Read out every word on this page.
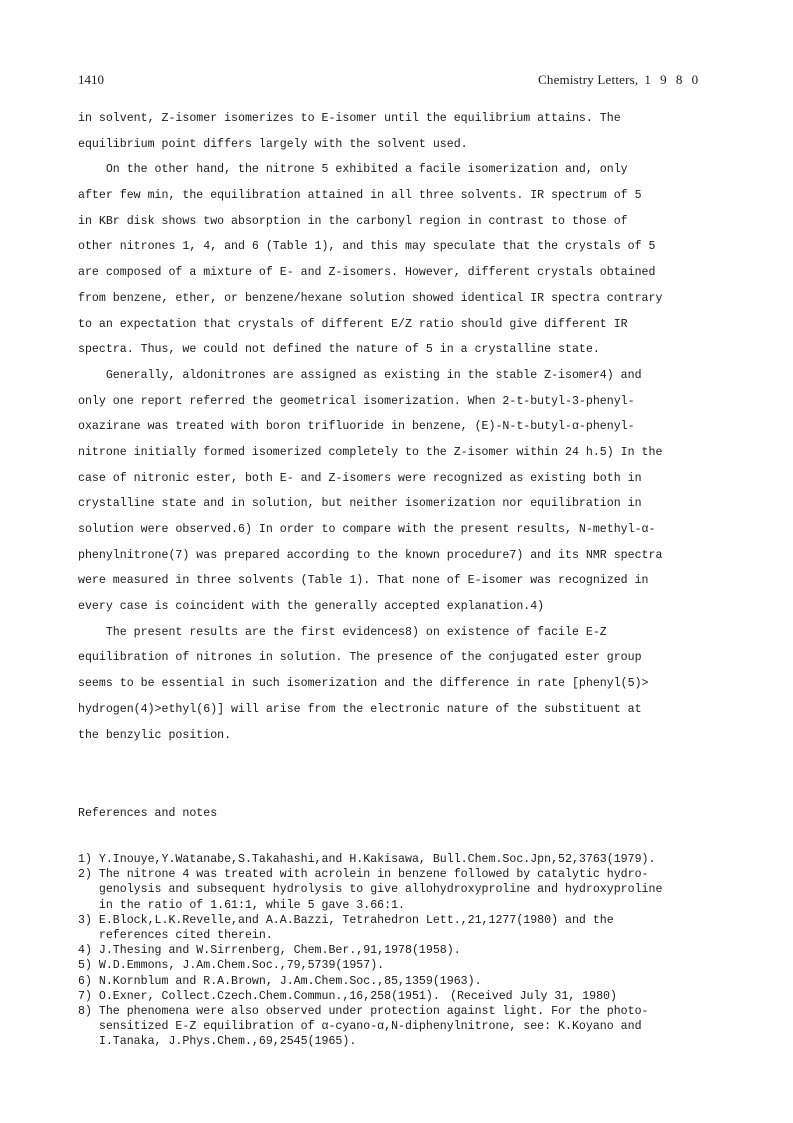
1410	Chemistry Letters, 1 9 8 0
in solvent, Z-isomer isomerizes to E-isomer until the equilibrium attains. The
equilibrium point differs largely with the solvent used.
On the other hand, the nitrone 5 exhibited a facile isomerization and, only
after few min, the equilibration attained in all three solvents. IR spectrum of 5
in KBr disk shows two absorption in the carbonyl region in contrast to those of
other nitrones 1, 4, and 6 (Table 1), and this may speculate that the crystals of 5
are composed of a mixture of E- and Z-isomers. However, different crystals obtained
from benzene, ether, or benzene/hexane solution showed identical IR spectra contrary
to an expectation that crystals of different E/Z ratio should give different IR
spectra. Thus, we could not defined the nature of 5 in a crystalline state.
Generally, aldonitrones are assigned as existing in the stable Z-isomer4) and
only one report referred the geometrical isomerization. When 2-t-butyl-3-phenyl-
oxazirane was treated with boron trifluoride in benzene, (E)-N-t-butyl-α-phenyl-
nitrone initially formed isomerized completely to the Z-isomer within 24 h.5) In the
case of nitronic ester, both E- and Z-isomers were recognized as existing both in
crystalline state and in solution, but neither isomerization nor equilibration in
solution were observed.6) In order to compare with the present results, N-methyl-α-
phenylnitrone(7) was prepared according to the known procedure7) and its NMR spectra
were measured in three solvents (Table 1). That none of E-isomer was recognized in
every case is coincident with the generally accepted explanation.4)
The present results are the first evidences8) on existence of facile E-Z
equilibration of nitrones in solution. The presence of the conjugated ester group
seems to be essential in such isomerization and the difference in rate [phenyl(5)>
hydrogen(4)>ethyl(6)] will arise from the electronic nature of the substituent at
the benzylic position.

References and notes

1) Y.Inouye,Y.Watanabe,S.Takahashi,and H.Kakisawa, Bull.Chem.Soc.Jpn,52,3763(1979).
2) The nitrone 4 was treated with acrolein in benzene followed by catalytic hydro-
genolysis and subsequent hydrolysis to give allohydroxyproline and hydroxyproline
in the ratio of 1.61:1, while 5 gave 3.66:1.
3) E.Block,L.K.Revelle,and A.A.Bazzi, Tetrahedron Lett.,21,1277(1980) and the
references cited therein.
4) J.Thesing and W.Sirrenberg, Chem.Ber.,91,1978(1958).
5) W.D.Emmons, J.Am.Chem.Soc.,79,5739(1957).
6) N.Kornblum and R.A.Brown, J.Am.Chem.Soc.,85,1359(1963).
7) O.Exner, Collect.Czech.Chem.Commun.,16,258(1951).
8) The phenomena were also observed under protection against light. For the photo-
sensitized E-Z equilibration of α-cyano-α,N-diphenylnitrone, see: K.Koyano and
I.Tanaka, J.Phys.Chem.,69,2545(1965).

(Received July 31, 1980)
